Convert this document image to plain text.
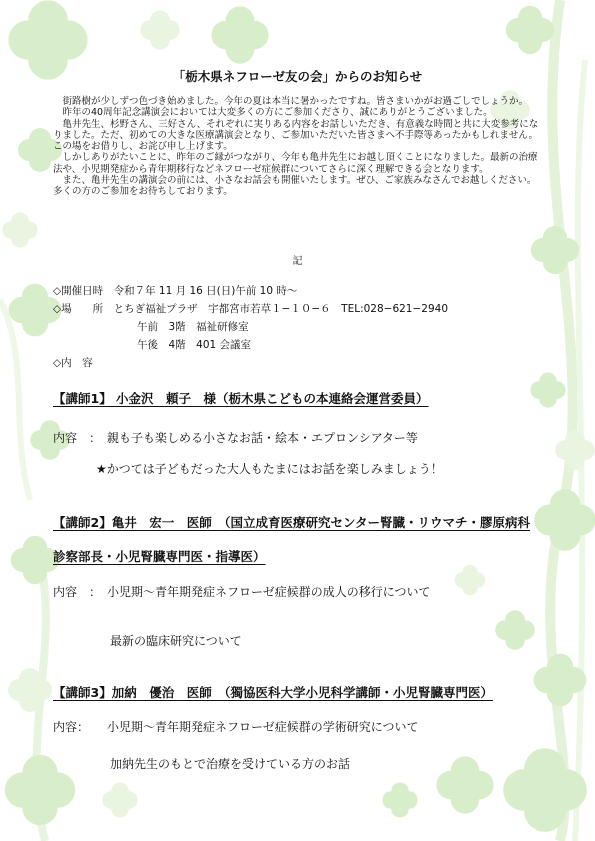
「栃木県ネフローゼ友の会」からのお知らせ

　街路樹が少しずつ色づき始めました。今年の夏は本当に暑かったですね。皆さまいかがお過ごしでしょうか。

　昨年の40周年記念講演会においては大変多くの方にご参加くださり、誠にありがとうございました。

　亀井先生、杉野さん、三好さん、それぞれに実りある内容をお話しいただき、有意義な時間と共に大変参考になりました。ただ、初めての大きな医療講演会となり、ご参加いただいた皆さまへ不手際等あったかもしれません。この場をお借りし、お詫び申し上げます。

　しかしありがたいことに、昨年のご縁がつながり、今年も亀井先生にお越し頂くことになりました。最新の治療法や、小児期発症から青年期移行などネフローゼ症候群についてさらに深く理解できる会となります。

　また、亀井先生の講演会の前には、小さなお話会も開催いたします。ぜひ、ご家族みなさんでお越しください。　多くの方のご参加をお待ちしております。

記
◇開催日時　令和７年 11 月 16 日(日)午前 10 時～
◇場　　所　とちぎ福祉プラザ　宇都宮市若草１−１０−６　TEL:028−621−2940
午前　3階　福祉研修室
午後　4階　401 会議室
◇内　容
【講師1】 小金沢　頼子　様（栃木県こどもの本連絡会運営委員）
内容　： 親も子も楽しめる小さなお話・絵本・エプロンシアター等
★かつては子どもだった大人もたまにはお話を楽しみましょう！
【講師2】亀井　宏一　医師　（国立成育医療研究センター腎臓・リウマチ・膠原病科
診察部長・小児腎臓専門医・指導医）
内容　： 小児期～青年期発症ネフローゼ症候群の成人の移行について
最新の臨床研究について
【講師3】加納　優治　医師　（獨協医科大学小児科学講師・小児腎臓専門医）
内容： 小児期～青年期発症ネフローゼ症候群の学術研究について
加納先生のもとで治療を受けている方のお話
